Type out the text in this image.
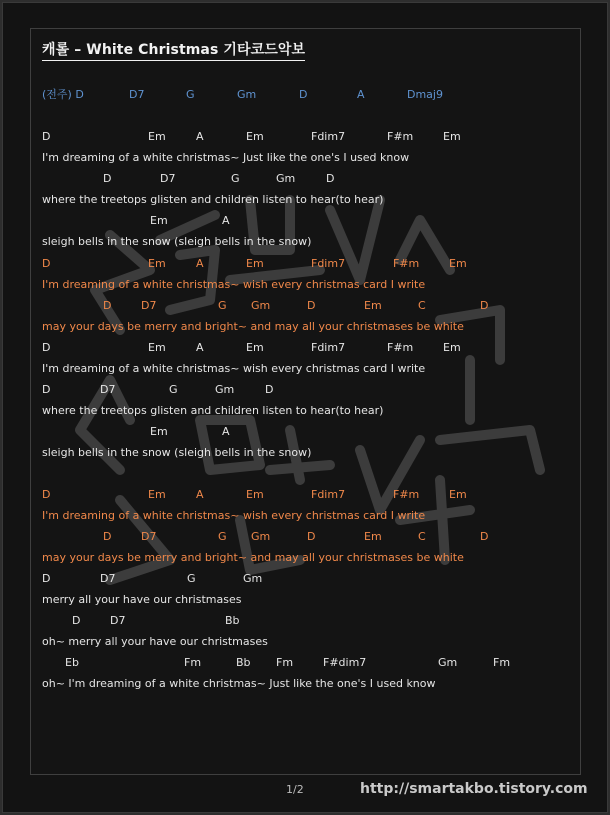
캐롤 – White Christmas 기타코드악보
(전주) D	D7	G	Gm	D	A	Dmaj9
D	Em	A	Em	Fdim7	F#m	Em
I'm dreaming of a white christmas~ Just like the one's I used know
D	D7	G	Gm	D
where the treetops glisten and children listen to hear(to hear)
Em	A
sleigh bells in the snow (sleigh bells in the snow)
D	Em	A	Em	Fdim7	F#m	Em
I'm dreaming of a white christmas~ wish every christmas card I write
D	D7	G Gm	D	Em	C	D
may your days be merry and bright~ and may all your christmases be white
D	Em	A	Em	Fdim7	F#m	Em
I'm dreaming of a white christmas~ wish every christmas card I write
D	D7	G	Gm	D
where the treetops glisten and children listen to hear(to hear)
Em	A
sleigh bells in the snow (sleigh bells in the snow)
D	Em	A	Em	Fdim7	F#m	Em
I'm dreaming of a white christmas~ wish every christmas card I write
D	D7	G Gm	D	Em	C	D
may your days be merry and bright~ and may all your christmases be white
D	D7	G	Gm
merry all your have our christmases
D	D7	Bb
oh~ merry all your have our christmases
Eb	Fm	Bb Fm	F#dim7	Gm	Fm
oh~ I'm dreaming of a white christmas~ Just like the one's I used know
1/2	http://smartakbo.tistory.com
